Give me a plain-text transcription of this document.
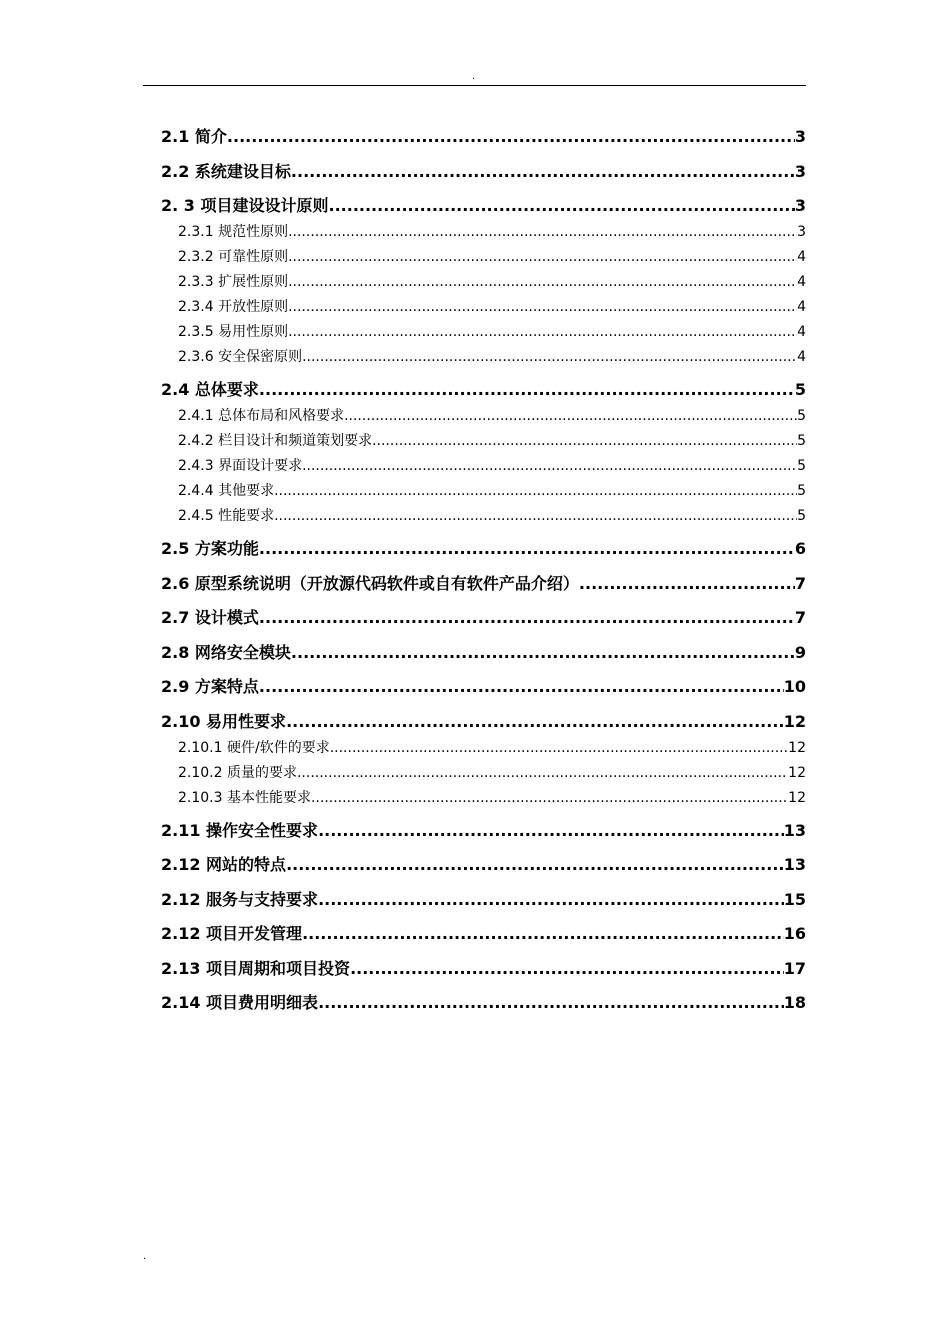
.
2.1 简介 .....	3
2.2 系统建设目标 .....	3
2. 3 项目建设设计原则 .....	3
2.3.1 规范性原则 .....	3
2.3.2 可靠性原则 .....	4
2.3.3 扩展性原则 .....	4
2.3.4 开放性原则 .....	4
2.3.5 易用性原则 .....	4
2.3.6 安全保密原则 .....	4
2.4 总体要求 .....	5
2.4.1 总体布局和风格要求 .....	5
2.4.2 栏目设计和频道策划要求 .....	5
2.4.3 界面设计要求 .....	5
2.4.4 其他要求 .....	5
2.4.5 性能要求 .....	5
2.5 方案功能 .....	6
2.6 原型系统说明（开放源代码软件或自有软件产品介绍） .....	7
2.7 设计模式 .....	7
2.8 网络安全模块 .....	9
2.9 方案特点 .....	10
2.10 易用性要求 .....	12
2.10.1 硬件/软件的要求 .....	12
2.10.2 质量的要求 .....	12
2.10.3 基本性能要求 .....	12
2.11 操作安全性要求 .....	13
2.12 网站的特点 .....	13
2.12 服务与支持要求 .....	15
2.12 项目开发管理 .....	16
2.13 项目周期和项目投资 .....	17
2.14 项目费用明细表 .....	18
.
